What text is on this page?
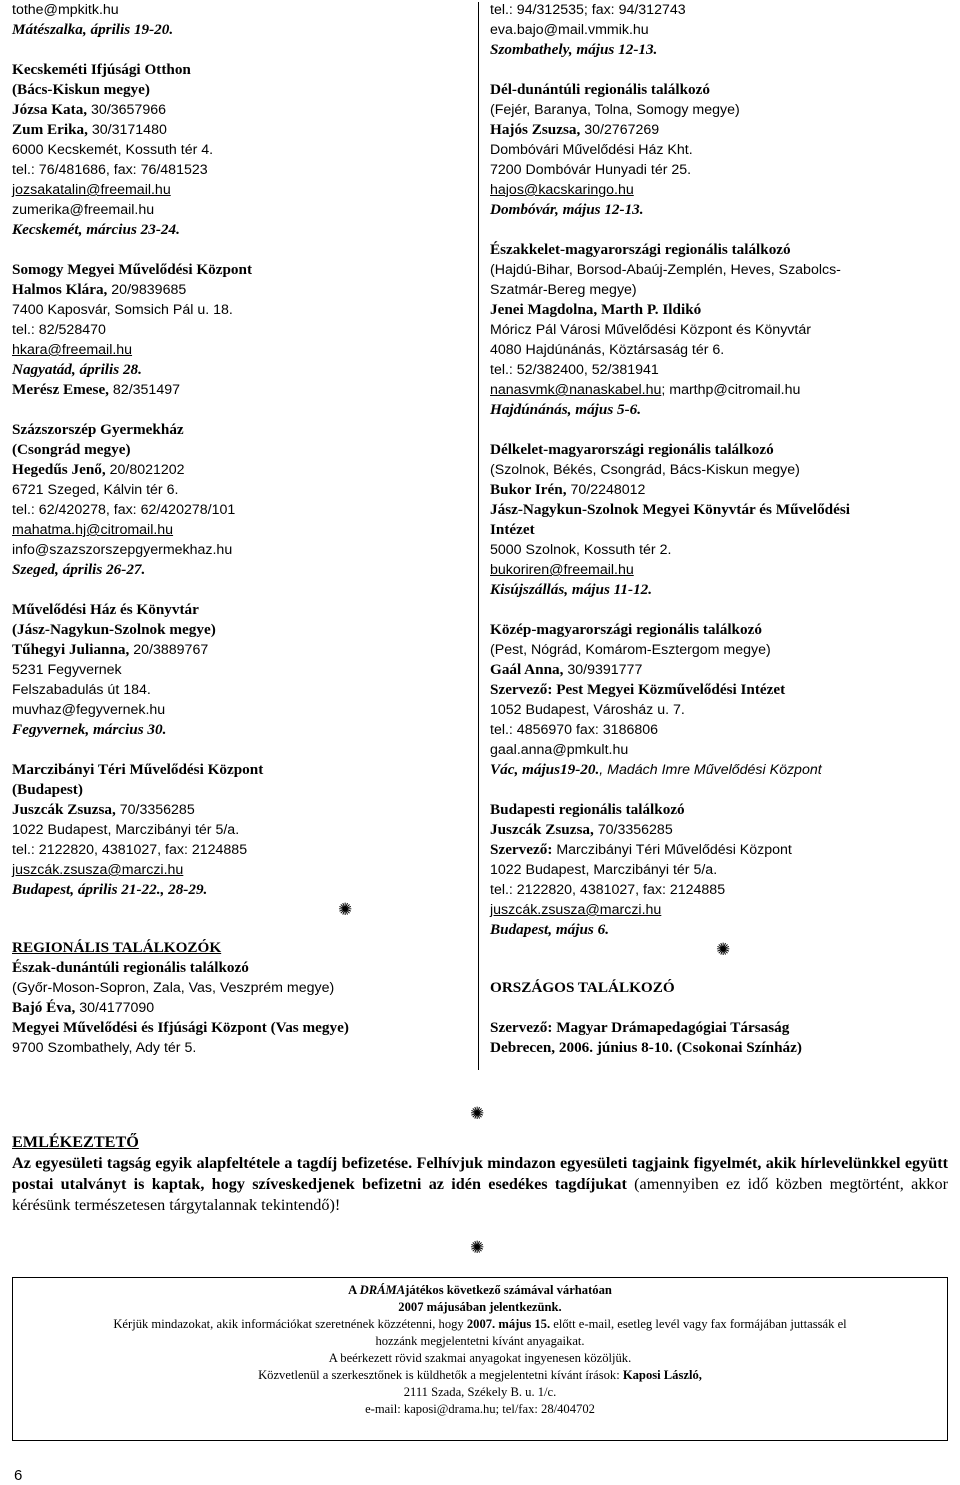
tothe@mpkitk.hu
Mátészalka, április 19-20.
Kecskeméti Ifjúsági Otthon
(Bács-Kiskun megye)
Józsa Kata, 30/3657966
Zum Erika, 30/3171480
6000 Kecskemét, Kossuth tér 4.
tel.: 76/481686, fax: 76/481523
jozsakatalin@freemail.hu
zumerika@freemail.hu
Kecskemét, március 23-24.
Somogy Megyei Művelődési Központ
Halmos Klára, 20/9839685
7400 Kaposvár, Somsich Pál u. 18.
tel.: 82/528470
hkara@freemail.hu
Nagyatád, április 28.
Merész Emese, 82/351497
Százszorszép Gyermekház
(Csongrád megye)
Hegedűs Jenő, 20/8021202
6721 Szeged, Kálvin tér 6.
tel.: 62/420278, fax: 62/420278/101
mahatma.hj@citromail.hu
info@szazszorszepgyermekhaz.hu
Szeged, április 26-27.
Művelődési Ház és Könyvtár
(Jász-Nagykun-Szolnok megye)
Tűhegyi Julianna, 20/3889767
5231 Fegyvernek
Felszabadulás út 184.
muvhaz@fegyvernek.hu
Fegyvernek, március 30.
Marczibányi Téri Művelődési Központ
(Budapest)
Juszcák Zsuzsa, 70/3356285
1022 Budapest, Marczibányi tér 5/a.
tel.: 2122820, 4381027, fax: 2124885
juszcák.zsusza@marczi.hu
Budapest, április 21-22., 28-29.
✺
REGIONÁLIS TALÁLKOZÓK
Észak-dunántúli regionális találkozó
(Győr-Moson-Sopron, Zala, Vas, Veszprém megye)
Bajó Éva, 30/4177090
Megyei Művelődési és Ifjúsági Központ (Vas megye)
9700 Szombathely, Ady tér 5.
tel.: 94/312535; fax: 94/312743
eva.bajo@mail.vmmik.hu
Szombathely, május 12-13.
Dél-dunántúli regionális találkozó
(Fejér, Baranya, Tolna, Somogy megye)
Hajós Zsuzsa, 30/2767269
Dombóvári Művelődési Ház Kht.
7200 Dombóvár Hunyadi tér 25.
hajos@kacskaringo.hu
Dombóvár, május 12-13.
Északkelet-magyarországi regionális találkozó
(Hajdú-Bihar, Borsod-Abaúj-Zemplén, Heves, Szabolcs-
Szatmár-Bereg megye)
Jenei Magdolna, Marth P. Ildikó
Móricz Pál Városi Művelődési Központ és Könyvtár
4080 Hajdúnánás, Köztársaság tér 6.
tel.: 52/382400, 52/381941
nanasvmk@nanaskabel.hu; marthp@citromail.hu
Hajdúnánás, május 5-6.
Délkelet-magyarországi regionális találkozó
(Szolnok, Békés, Csongrád, Bács-Kiskun megye)
Bukor Irén, 70/2248012
Jász-Nagykun-Szolnok Megyei Könyvtár és Művelődési
Intézet
5000 Szolnok, Kossuth tér 2.
bukoriren@freemail.hu
Kisújszállás, május 11-12.
Közép-magyarországi regionális találkozó
(Pest, Nógrád, Komárom-Esztergom megye)
Gaál Anna, 30/9391777
Szervező: Pest Megyei Közművelődési Intézet
1052 Budapest, Városház u. 7.
tel.: 4856970 fax: 3186806
gaal.anna@pmkult.hu
Vác, május19-20., Madách Imre Művelődési Központ
Budapesti regionális találkozó
Juszcák Zsuzsa, 70/3356285
Szervező: Marczibányi Téri Művelődési Központ
1022 Budapest, Marczibányi tér 5/a.
tel.: 2122820, 4381027, fax: 2124885
juszcák.zsusza@marczi.hu
Budapest, május 6.
✺
ORSZÁGOS TALÁLKOZÓ
Szervező: Magyar Drámapedagógiai Társaság
Debrecen, 2006. június 8-10. (Csokonai Színház)
✺
EMLÉKEZTETŐ
Az egyesületi tagság egyik alapfeltétele a tagdíj befizetése. Felhívjuk mindazon egyesületi tagjaink figyelmét, akik hírlevelünkkel együtt postai utalványt is kaptak, hogy szíveskedjenek befizetni az idén esedékes tagdíjukat (amennyiben ez idő közben megtörtént, akkor kérésünk természetesen tárgytalannak tekintendő)!
✺
A DRÁMAjátékos következő számával várhatóan
2007 májusában jelentkezünk.
Kérjük mindazokat, akik információkat szeretnének közzétenni, hogy 2007. május 15. előtt e-mail, esetleg levél vagy fax formájában juttassák el
hozzánk megjelentetni kívánt anyagaikat.
A beérkezett rövid szakmai anyagokat ingyenesen közöljük.
Közvetlenül a szerkesztőnek is küldhetők a megjelentetni kívánt írások: Kaposi László,
2111 Szada, Székely B. u. 1/c.
e-mail: kaposi@drama.hu; tel/fax: 28/404702
6
